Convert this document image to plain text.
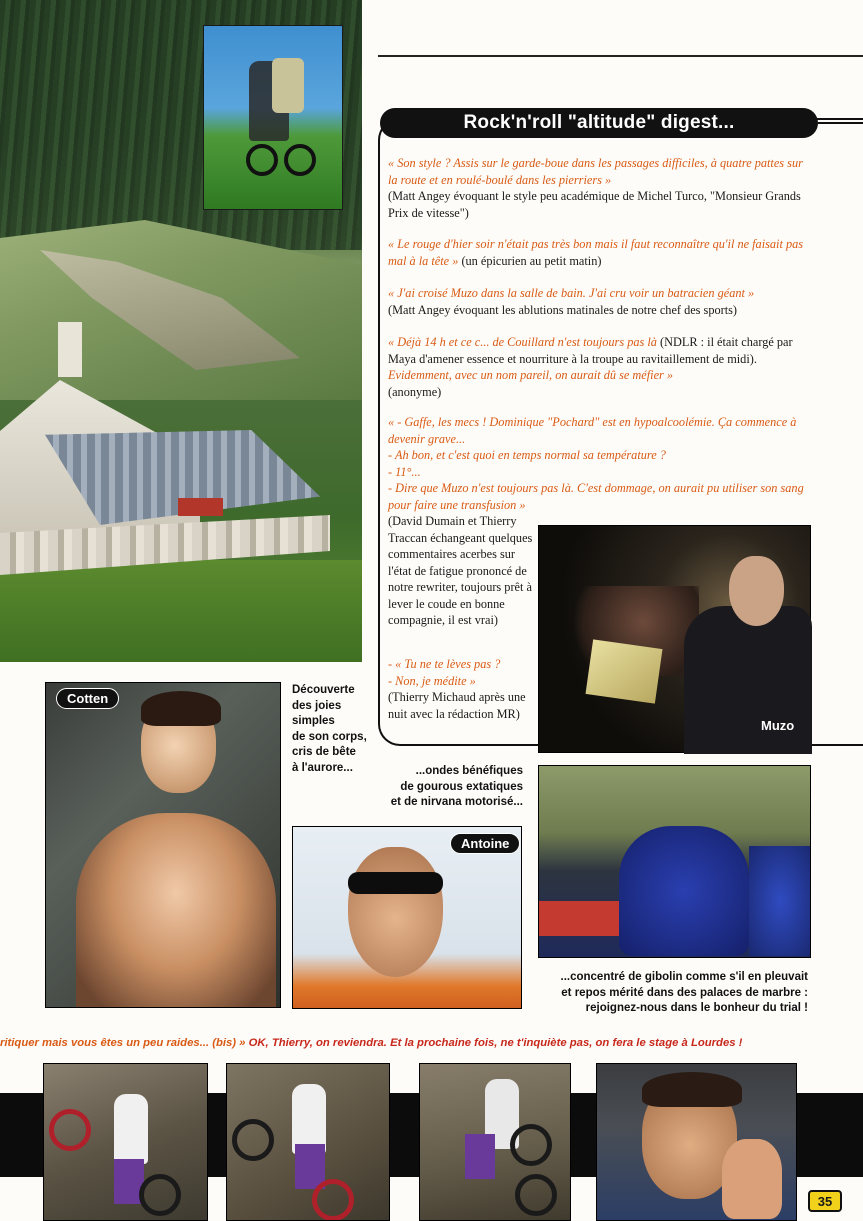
Rock'n'roll "altitude" digest...
« Son style ? Assis sur le garde-boue dans les passages difficiles, à quatre pattes sur la route et en roulé-boulé dans les pierriers »
(Matt Angey évoquant le style peu académique de Michel Turco, "Monsieur Grands Prix de vitesse")
« Le rouge d'hier soir n'était pas très bon mais il faut reconnaître qu'il ne faisait pas mal à la tête » (un épicurien au petit matin)
« J'ai croisé Muzo dans la salle de bain. J'ai cru voir un batracien géant »
(Matt Angey évoquant les ablutions matinales de notre chef des sports)
« Déjà 14 h et ce c... de Couillard n'est toujours pas là (NDLR : il était chargé par Maya d'amener essence et nourriture à la troupe au ravitaillement de midi). Evidemment, avec un nom pareil, on aurait dû se méfier »
(anonyme)
« - Gaffe, les mecs ! Dominique "Pochard" est en hypoalcoolémie. Ça commence à devenir grave...
- Ah bon, et c'est quoi en temps normal sa température ?
- 11°...
- Dire que Muzo n'est toujours pas là. C'est dommage, on aurait pu utiliser son sang pour faire une transfusion »
(David Dumain et Thierry Traccan échangeant quelques commentaires acerbes sur l'état de fatigue prononcé de notre rewriter, toujours prêt à lever le coude en bonne compagnie, il est vrai)
- « Tu ne te lèves pas ?
- Non, je médite »
(Thierry Michaud après une nuit avec la rédaction MR)
Muzo
Cotten
Découverte
des joies
simples
de son corps,
cris de bête
à l'aurore...	...ondes bénéfiques
de gourous extatiques
et de nirvana motorisé...
Antoine
...concentré de gibolin comme s'il en pleuvait
et repos mérité dans des palaces de marbre :
rejoignez-nous dans le bonheur du trial !
ritiquer mais vous êtes un peu raides... (bis) » OK, Thierry, on reviendra. Et la prochaine fois, ne t'inquiète pas, on fera le stage à Lourdes !
35
